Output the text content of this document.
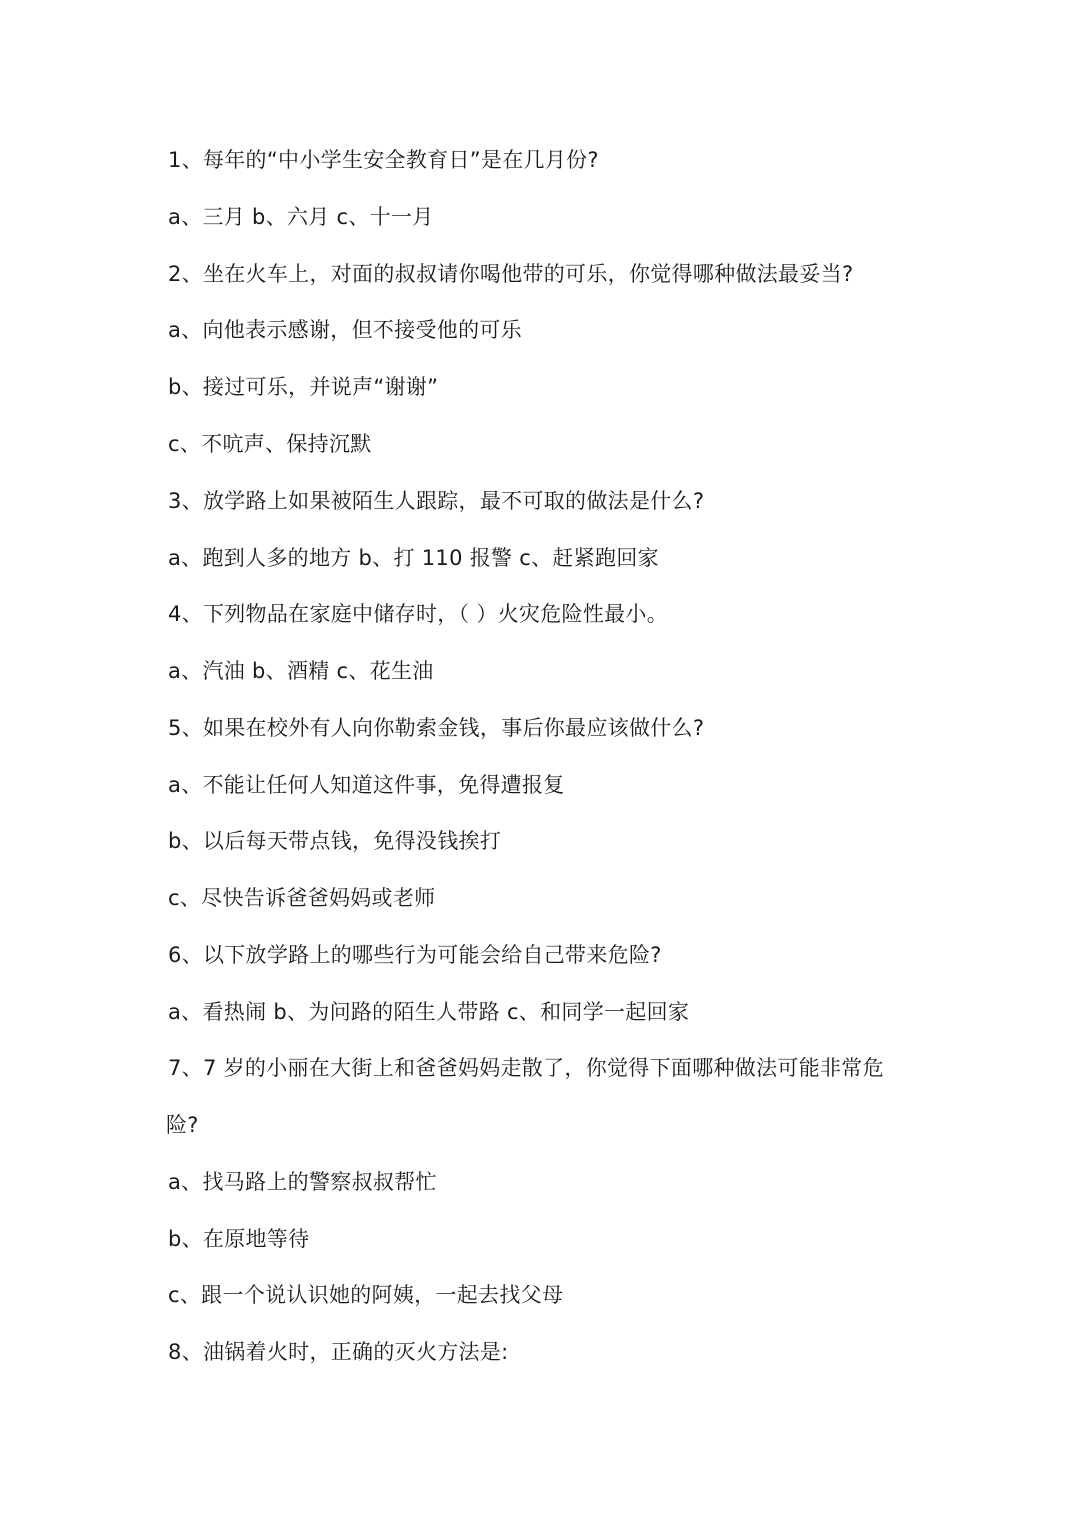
1、每年的“中小学生安全教育日”是在几月份?
a、三月 b、六月 c、十一月
2、坐在火车上，对面的叔叔请你喝他带的可乐，你觉得哪种做法最妥当?
a、向他表示感谢，但不接受他的可乐
b、接过可乐，并说声“谢谢”
c、不吭声、保持沉默
3、放学路上如果被陌生人跟踪，最不可取的做法是什么?
a、跑到人多的地方 b、打 110 报警 c、赶紧跑回家
4、下列物品在家庭中储存时，（ ）火灾危险性最小。
a、汽油 b、酒精 c、花生油
5、如果在校外有人向你勒索金钱，事后你最应该做什么?
a、不能让任何人知道这件事，免得遭报复
b、以后每天带点钱，免得没钱挨打
c、尽快告诉爸爸妈妈或老师
6、以下放学路上的哪些行为可能会给自己带来危险?
a、看热闹 b、为问路的陌生人带路 c、和同学一起回家
7、7 岁的小丽在大街上和爸爸妈妈走散了，你觉得下面哪种做法可能非常危
险?
a、找马路上的警察叔叔帮忙
b、在原地等待
c、跟一个说认识她的阿姨，一起去找父母
8、油锅着火时，正确的灭火方法是:
